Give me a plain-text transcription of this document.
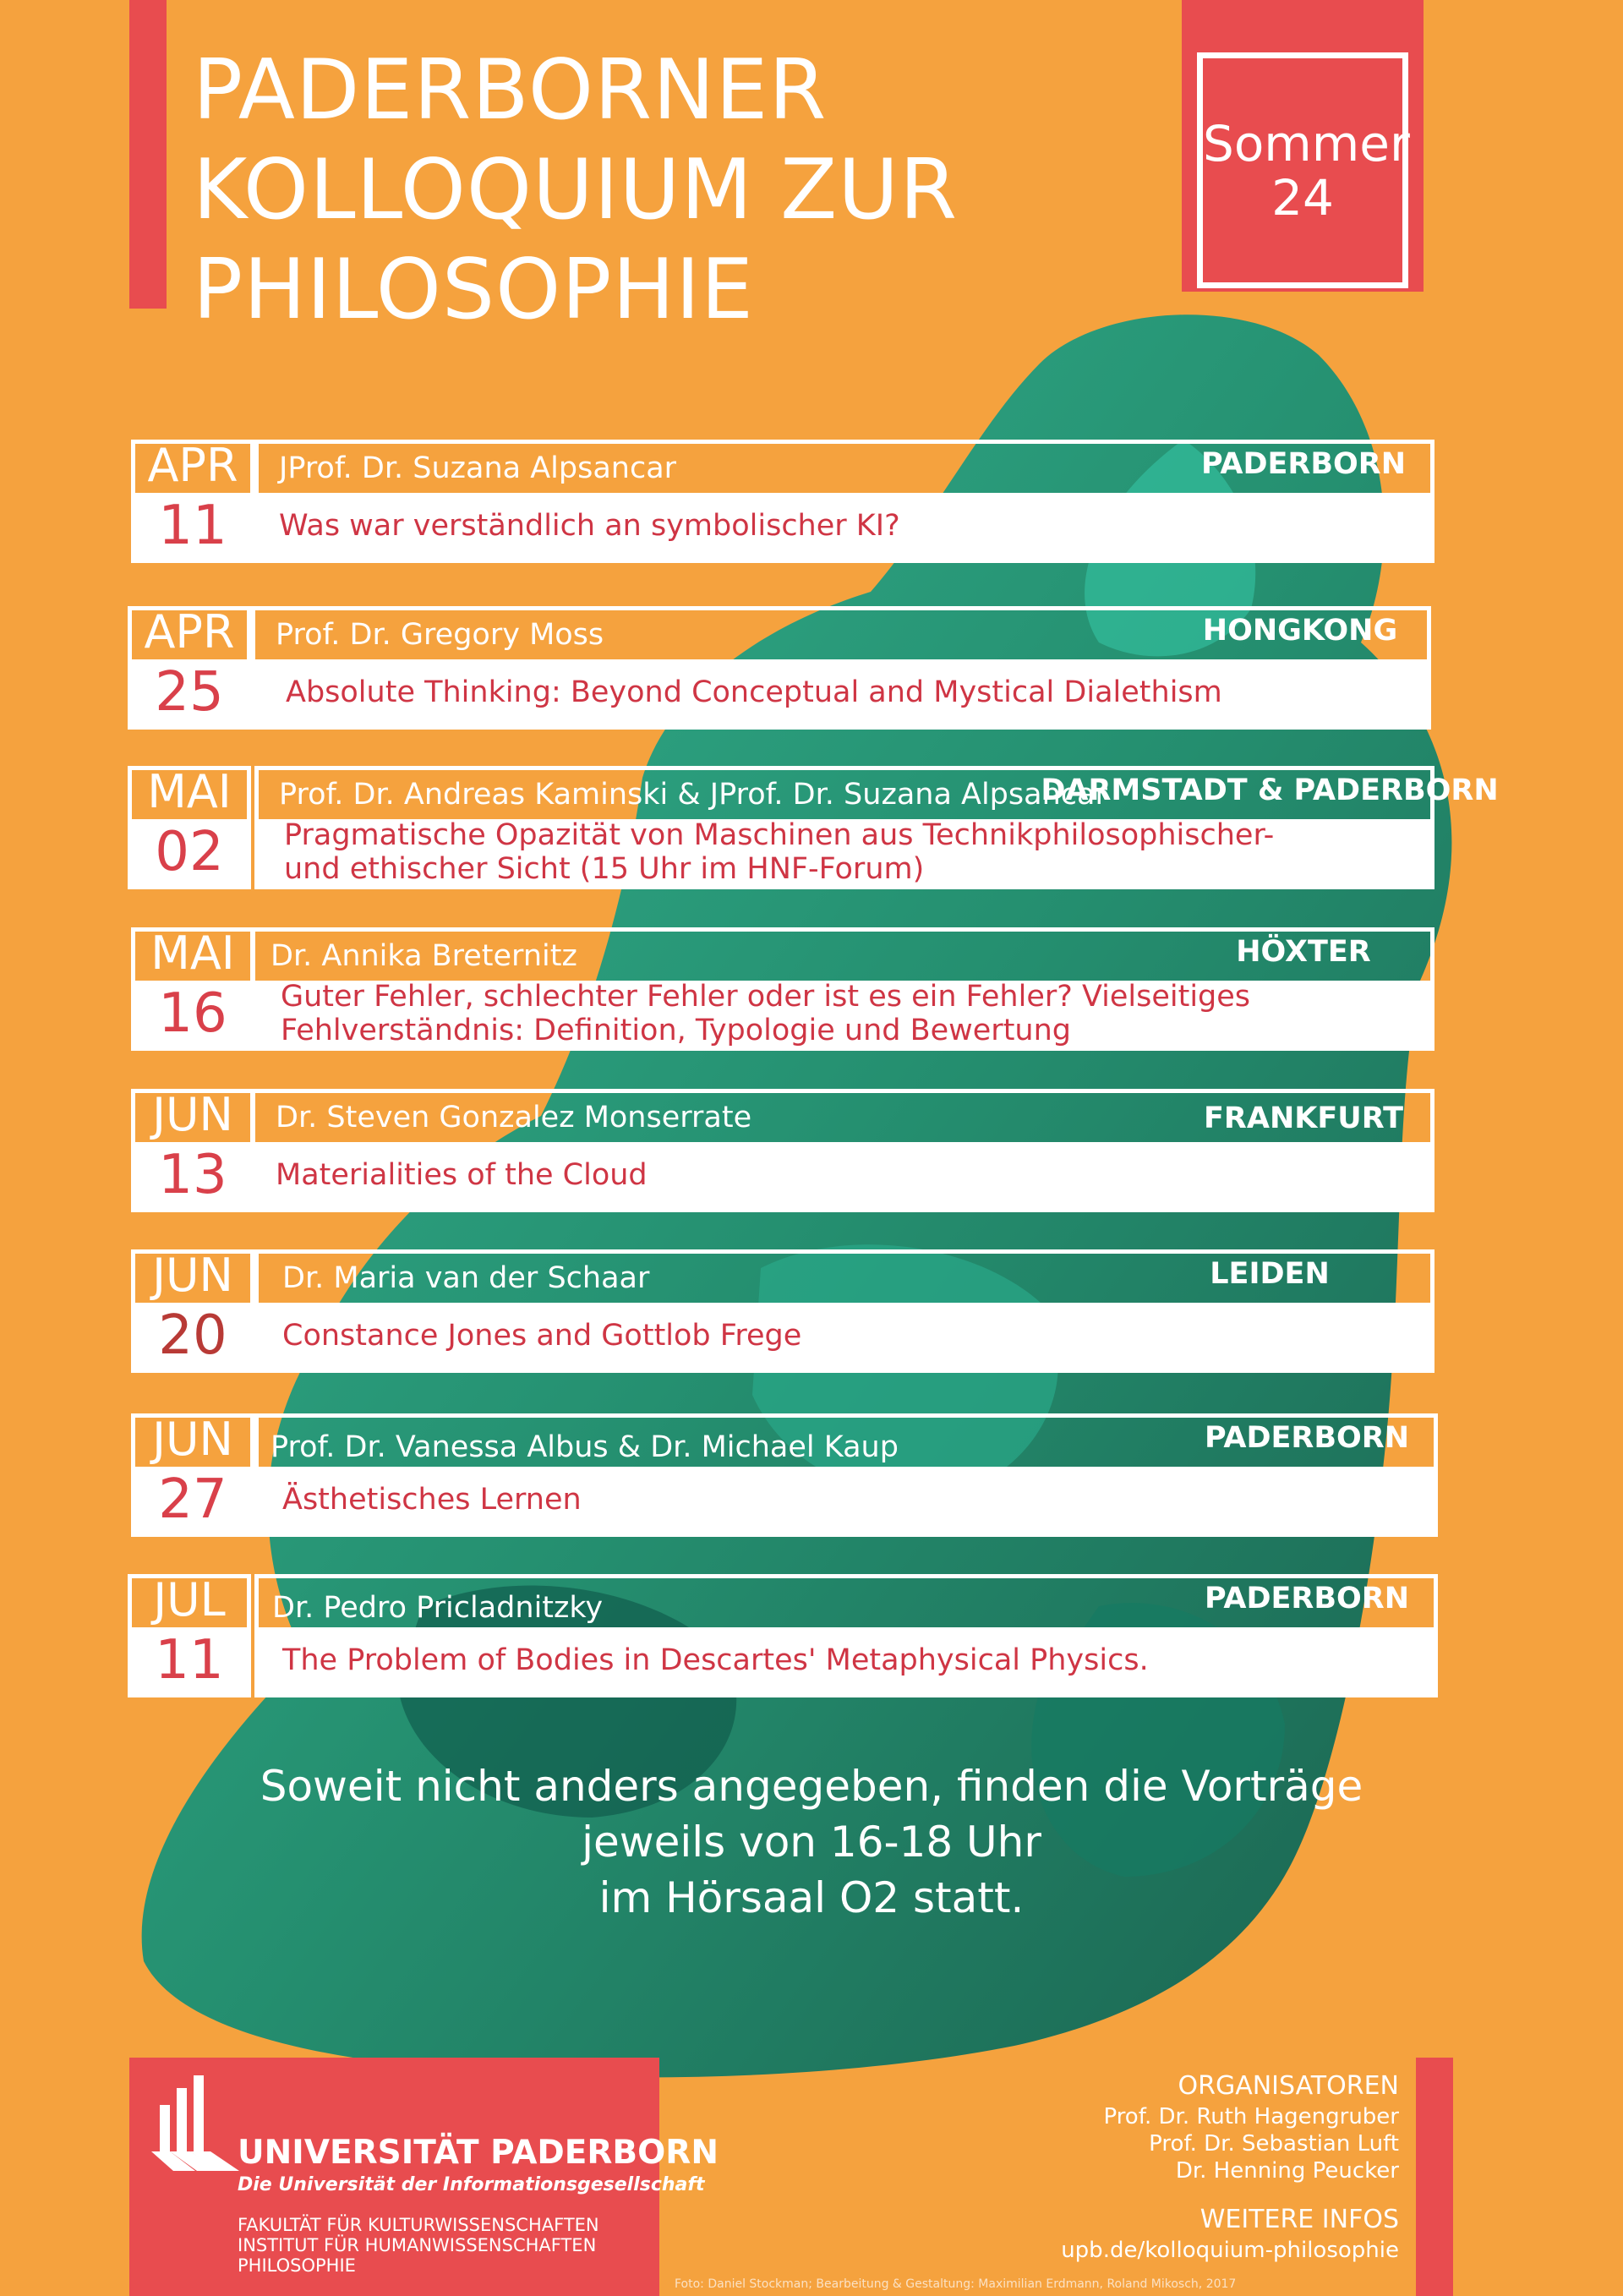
PADERBORNER
KOLLOQUIUM ZUR
PHILOSOPHIE
Sommer
24
APR
11
JProf. Dr. Suzana Alpsancar	PADERBORN
Was war verständlich an symbolischer KI?
APR
25
Prof. Dr. Gregory Moss	HONGKONG
Absolute Thinking: Beyond Conceptual and Mystical Dialethism
MAI
02
Prof. Dr. Andreas Kaminski & JProf. Dr. Suzana Alpsancar
DARMSTADT & PADERBORN
Pragmatische Opazität von Maschinen aus Technikphilosophischer- und ethischer Sicht (15 Uhr im HNF-Forum)
MAI
16
Dr. Annika Breternitz	HÖXTER
Guter Fehler, schlechter Fehler oder ist es ein Fehler? Vielseitiges Fehlverständnis: Definition, Typologie und Bewertung
JUN
13
Dr. Steven Gonzalez Monserrate	FRANKFURT
Materialities of the Cloud
JUN
20
Dr. Maria van der Schaar	LEIDEN
Constance Jones and Gottlob Frege
JUN
27
Prof. Dr. Vanessa Albus & Dr. Michael Kaup	PADERBORN
Ästhetisches Lernen
JUL
11
Dr. Pedro Pricladnitzky	PADERBORN
The Problem of Bodies in Descartes' Metaphysical Physics.
Soweit nicht anders angegeben, finden die Vorträge
jeweils von 16-18 Uhr
im Hörsaal O2 statt.
UNIVERSITÄT PADERBORN
Die Universität der Informationsgesellschaft
FAKULTÄT FÜR KULTURWISSENSCHAFTEN
INSTITUT FÜR HUMANWISSENSCHAFTEN
PHILOSOPHIE
ORGANISATOREN
Prof. Dr. Ruth Hagengruber
Prof. Dr. Sebastian Luft
Dr. Henning Peucker
WEITERE INFOS
upb.de/kolloquium-philosophie
Foto: Daniel Stockman; Bearbeitung & Gestaltung: Maximilian Erdmann, Roland Mikosch, 2017
